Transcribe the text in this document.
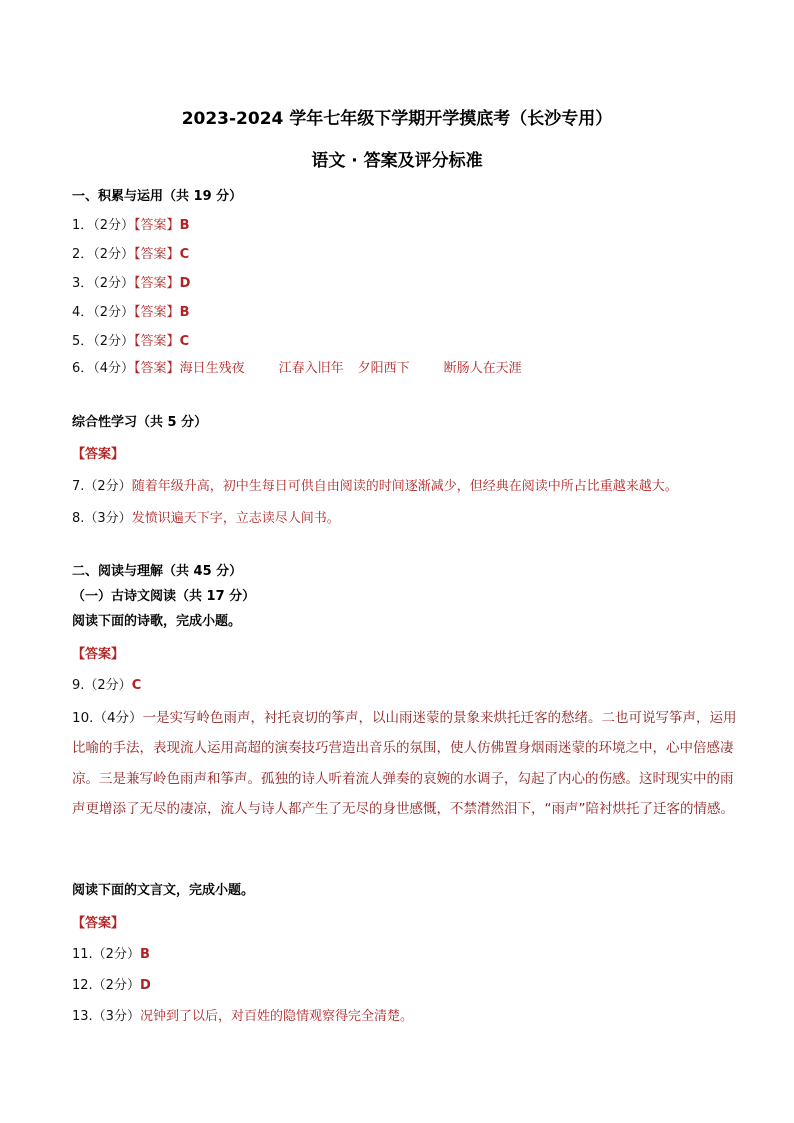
2023-2024 学年七年级下学期开学摸底考（长沙专用）
语文 · 答案及评分标准
一、积累与运用（共 19 分）
1．（2分）【答案】B
2．（2分）【答案】C
3．（2分）【答案】D
4．（2分）【答案】B
5．（2分）【答案】C
6．（4分）【答案】海日生残夜	江春入旧年 夕阳西下	断肠人在天涯
综合性学习（共 5 分）
【答案】
7.（2分）随着年级升高，初中生每日可供自由阅读的时间逐渐减少，但经典在阅读中所占比重越来越大。
8.（3分）发愤识遍天下字，立志读尽人间书。
二、阅读与理解（共 45 分）
（一）古诗文阅读（共 17 分）
阅读下面的诗歌，完成小题。
【答案】
9.（2分）C
10.（4分）一是实写岭色雨声，衬托哀切的筝声，以山雨迷蒙的景象来烘托迁客的愁绪。二也可说写筝声，运用比喻的手法，表现流人运用高超的演奏技巧营造出音乐的氛围，使人仿佛置身烟雨迷蒙的环境之中，心中倍感凄凉。三是兼写岭色雨声和筝声。孤独的诗人听着流人弹奏的哀婉的水调子，勾起了内心的伤感。这时现实中的雨声更增添了无尽的凄凉，流人与诗人都产生了无尽的身世感慨，不禁潸然泪下，“雨声”陪衬烘托了迁客的情感。
阅读下面的文言文，完成小题。
【答案】
11.（2分）B
12.（2分）D
13.（3分）况钟到了以后，对百姓的隐情观察得完全清楚。
